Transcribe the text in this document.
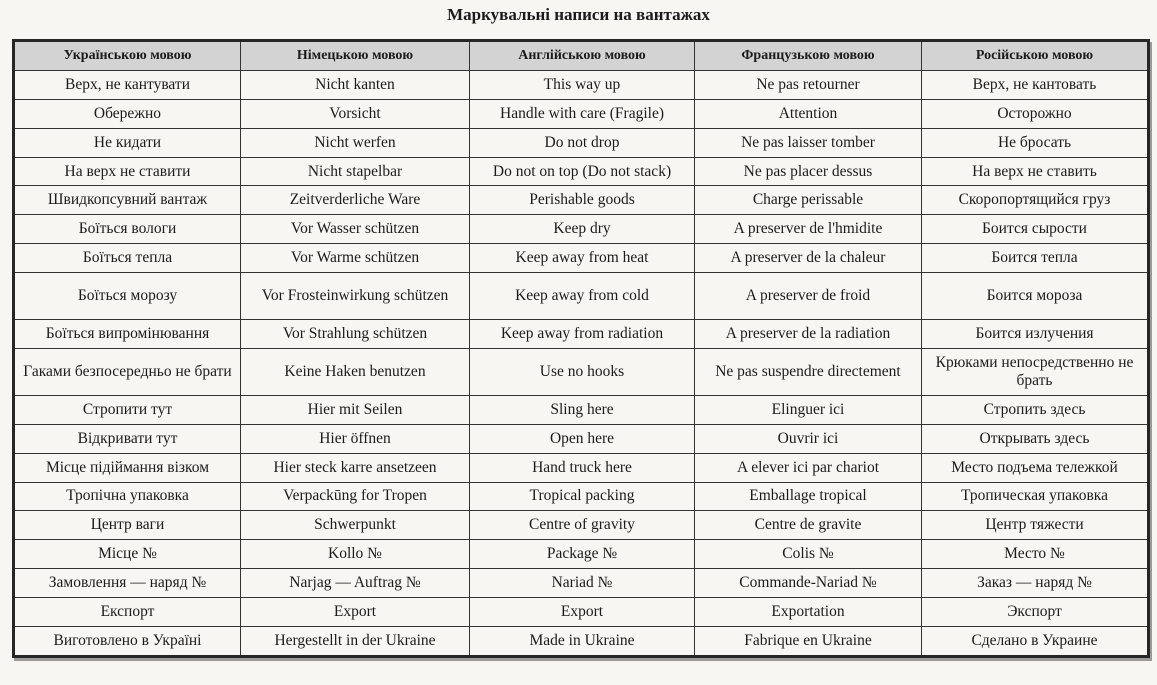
Маркувальні написи на вантажах
Українською мовою	Німецькою мовою	Англійською мовою	Французькою мовою	Російською мовою
Верх, не кантувати	Nicht kanten	This way up	Ne pas retourner	Верх, не кантовать
Обережно	Vorsicht	Handle with care (Fragile)	Attention	Осторожно
Не кидати	Nicht werfen	Do not drop	Ne pas laisser tomber	Не бросать
На верх не ставити	Nicht stapelbar	Do not on top (Do not stack)	Ne pas placer dessus	На верх не ставить
Швидкопсувний вантаж	Zeitverderliche Ware	Perishable goods	Charge perissable	Скоропортящийся груз
Боїться вологи	Vor Wasser schützen	Keep dry	A preserver de l'hmidite	Боится сырости
Боїться тепла	Vor Warme schützen	Keep away from heat	A preserver de la chaleur	Боится тепла
Боїться морозу	Vor Frosteinwirkung schützen	Keep away from cold	A preserver de froid	Боится мороза
Боїться випромінювання	Vor Strahlung schützen	Keep away from radiation	A preserver de la radiation	Боится излучения
Гаками безпосередньо не брати	Keine Haken benutzen	Use no hooks	Ne pas suspendre directement	Крюками непосредственно не брать
Стропити тут	Hier mit Seilen	Sling here	Elinguer ici	Стропить здесь
Відкривати тут	Hier öffnen	Open here	Ouvrir ici	Открывать здесь
Місце підіймання візком	Hier steck karre ansetzeen	Hand truck here	A elever ici par chariot	Место подъема тележкой
Тропічна упаковка	Verpackūng for Tropen	Tropical packing	Emballage tropical	Тропическая упаковка
Центр ваги	Schwerpunkt	Centre of gravity	Centre de gravite	Центр тяжести
Місце №	Kollo №	Package №	Colis №	Место №
Замовлення — наряд №	Narjag — Auftrag №	Nariad №	Commande-Nariad №	Заказ — наряд №
Експорт	Export	Export	Exportation	Экспорт
Виготовлено в Україні	Hergestellt in der Ukraine	Made in Ukraine	Fabrique en Ukraine	Сделано в Украине
